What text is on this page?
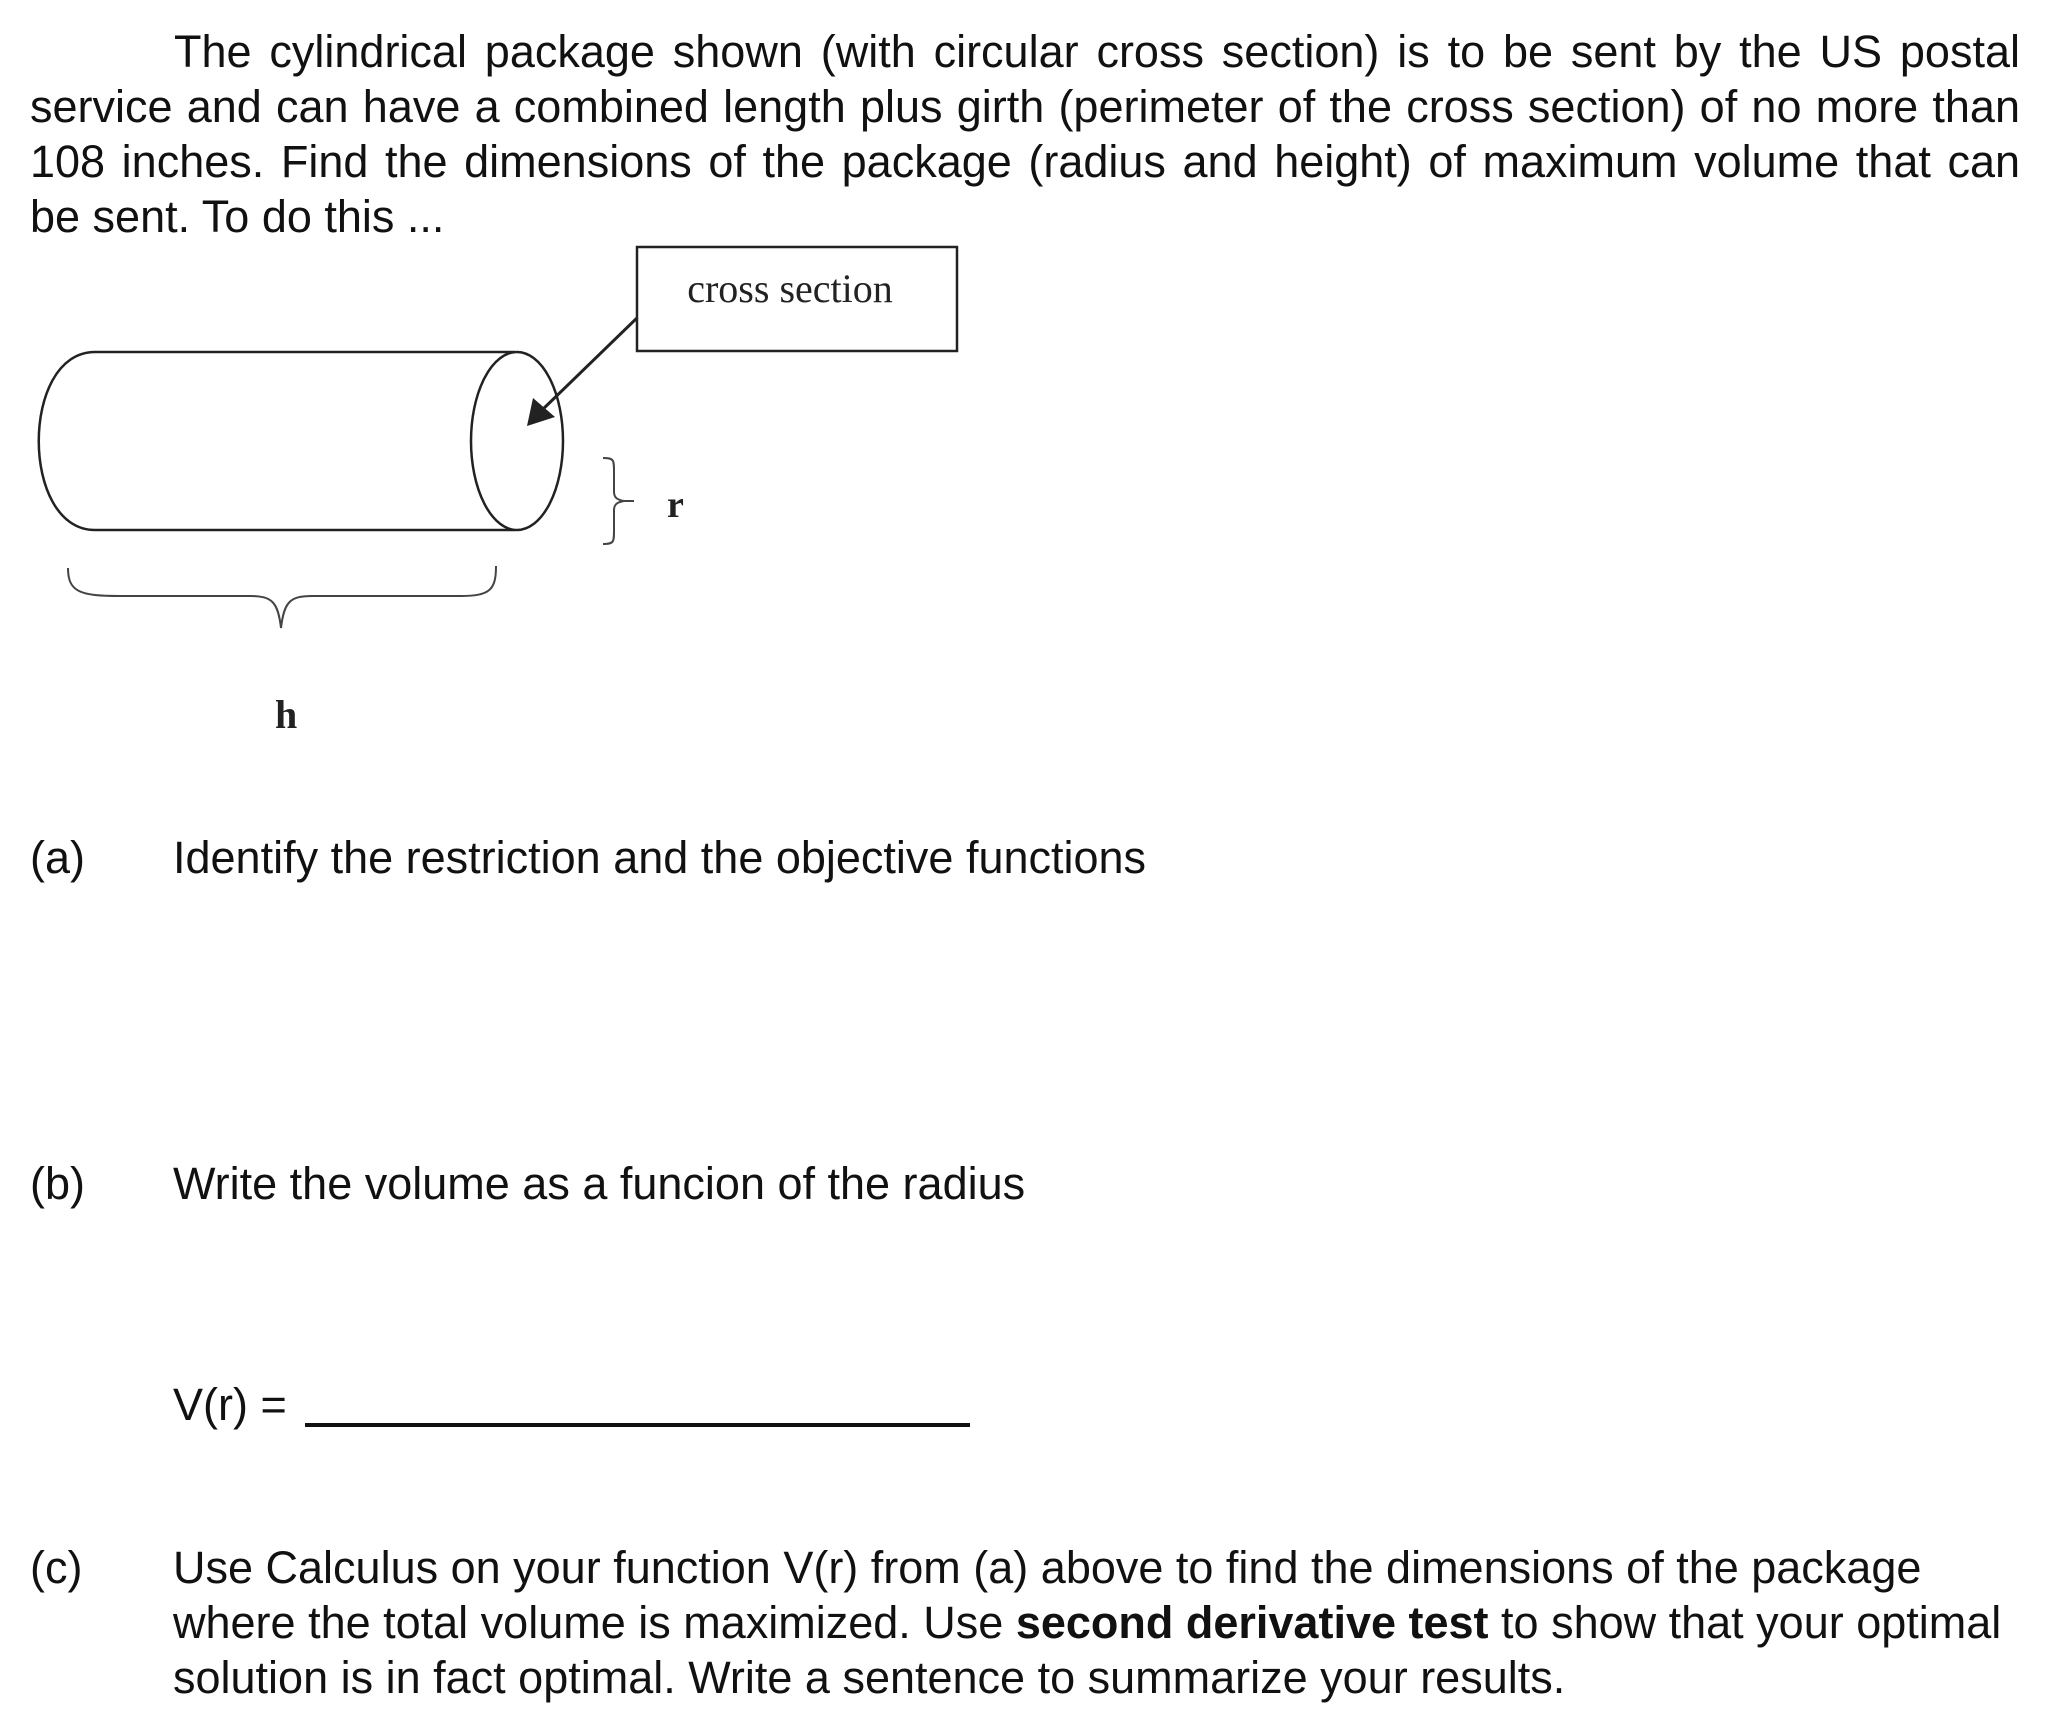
The cylindrical package shown (with circular cross section) is to be sent by the US postal service and can have a combined length plus girth (perimeter of the cross section) of no more than 108 inches. Find the dimensions of the package (radius and height) of maximum volume that can be sent. To do this ...

cross section
r
h
(a)	Identify the restriction and the objective functions
(b)	Write the volume as a funcion of the radius
V(r) =
(c)	Use Calculus on your function V(r) from (a) above to find the dimensions of the package where the total volume is maximized. Use second derivative test to show that your optimal solution is in fact optimal. Write a sentence to summarize your results.
